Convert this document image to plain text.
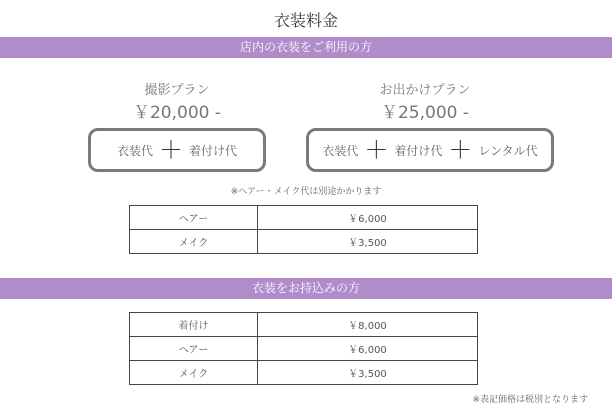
衣装料金
店内の衣装をご利用の方
撮影プラン
￥20,000 -
衣装代 ＋ 着付け代
お出かけプラン
￥25,000 -
衣装代 ＋ 着付け代 ＋ レンタル代
※ヘアー・メイク代は別途かかります
ヘアー	￥6,000
メイク	￥3,500
衣装をお持込みの方
着付け	￥8,000
ヘアー	￥6,000
メイク	￥3,500
※表記価格は税別となります
